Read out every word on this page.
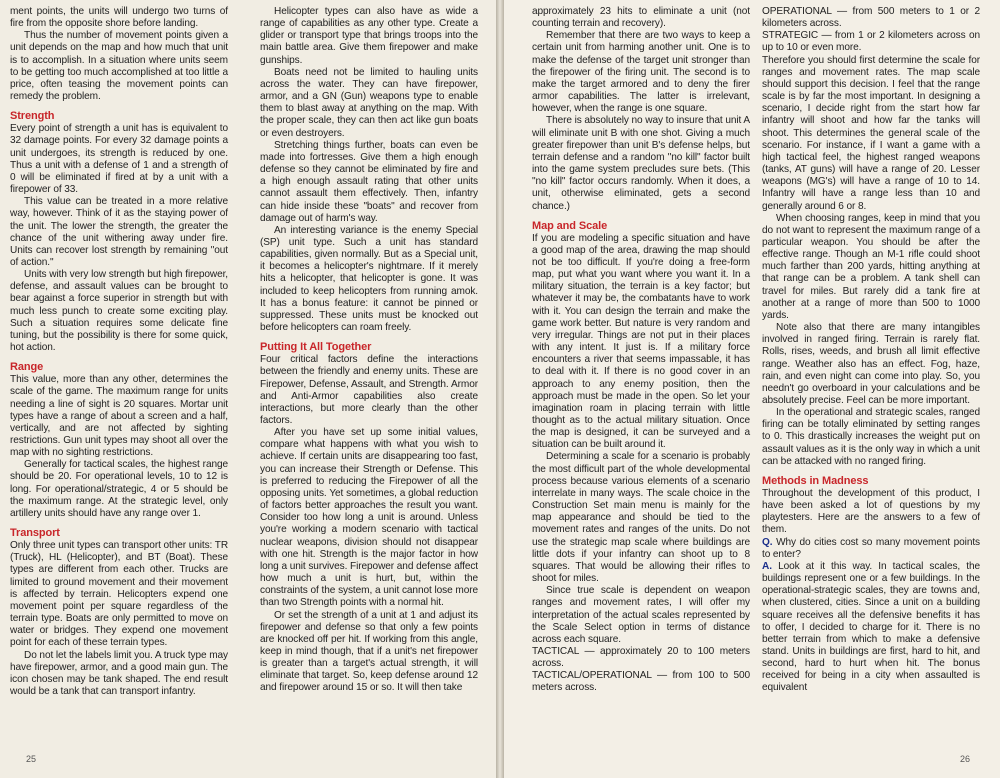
ment points, the units will undergo two turns of fire from the opposite shore before landing.

Thus the number of movement points given a unit depends on the map and how much that unit is to accomplish. In a situation where units seem to be getting too much accomplished at too little a price, often teasing the movement points can remedy the problem.

Strength

Every point of strength a unit has is equivalent to 32 damage points. For every 32 damage points a unit undergoes, its strength is reduced by one. Thus a unit with a defense of 1 and a strength of 0 will be eliminated if fired at by a unit with a firepower of 33.

This value can be treated in a more relative way, however. Think of it as the staying power of the unit. The lower the strength, the greater the chance of the unit withering away under fire. Units can recover lost strength by remaining "out of action."

Units with very low strength but high firepower, defense, and assault values can be brought to bear against a force superior in strength but with much less punch to create some exciting play. Such a situation requires some delicate fine tuning, but the possibility is there for some quick, hot action.

Range

This value, more than any other, determines the scale of the game. The maximum range for units needing a line of sight is 20 squares. Mortar unit types have a range of about a screen and a half, vertically, and are not affected by sighting restrictions. Gun unit types may shoot all over the map with no sighting restrictions.

Generally for tactical scales, the highest range should be 20. For operational levels, 10 to 12 is long. For operational/strategic, 4 or 5 should be the maximum range. At the strategic level, only artillery units should have any range over 1.

Transport

Only three unit types can transport other units: TR (Truck), HL (Helicopter), and BT (Boat). These types are different from each other. Trucks are limited to ground movement and their movement is affected by terrain. Helicopters expend one movement point per square regardless of the terrain type. Boats are only permitted to move on water or bridges. They expend one movement point for each of these terrain types.

Do not let the labels limit you. A truck type may have firepower, armor, and a good main gun. The icon chosen may be tank shaped. The end result would be a tank that can transport infantry.

Helicopter types can also have as wide a range of capabilities as any other type. Create a glider or transport type that brings troops into the main battle area. Give them firepower and make gunships.

Boats need not be limited to hauling units across the water. They can have firepower, armor, and a GN (Gun) weapons type to enable them to blast away at anything on the map. With the proper scale, they can then act like gun boats or even destroyers.

Stretching things further, boats can even be made into fortresses. Give them a high enough defense so they cannot be eliminated by fire and a high enough assault rating that other units cannot assault them effectively. Then, infantry can hide inside these "boats" and recover from damage out of harm's way.

An interesting variance is the enemy Special (SP) unit type. Such a unit has standard capabilities, given normally. But as a Special unit, it becomes a helicopter's nightmare. If it merely hits a helicopter, that helicopter is gone. It was included to keep helicopters from running amok. It has a bonus feature: it cannot be pinned or suppressed. These units must be knocked out before helicopters can roam freely.

Putting It All Together

Four critical factors define the interactions between the friendly and enemy units. These are Firepower, Defense, Assault, and Strength. Armor and Anti-Armor capabilities also create interactions, but more clearly than the other factors.

After you have set up some initial values, compare what happens with what you wish to achieve. If certain units are disappearing too fast, you can increase their Strength or Defense. This is preferred to reducing the Firepower of all the opposing units. Yet sometimes, a global reduction of factors better approaches the result you want. Consider too how long a unit is around. Unless you're working a modern scenario with tactical nuclear weapons, division should not disappear with one hit. Strength is the major factor in how long a unit survives. Firepower and defense affect how much a unit is hurt, but, within the constraints of the system, a unit cannot lose more than two Strength points with a normal hit.

Or set the strength of a unit at 1 and adjust its firepower and defense so that only a few points are knocked off per hit. If working from this angle, keep in mind though, that if a unit's net firepower is greater than a target's actual strength, it will eliminate that target. So, keep defense around 12 and firepower around 15 or so. It will then take

25

approximately 23 hits to eliminate a unit (not counting terrain and recovery).

Remember that there are two ways to keep a certain unit from harming another unit. One is to make the defense of the target unit stronger than the firepower of the firing unit. The second is to make the target armored and to deny the firer armor capabilities. The latter is irrelevant, however, when the range is one square.

There is absolutely no way to insure that unit A will eliminate unit B with one shot. Giving a much greater firepower than unit B's defense helps, but terrain defense and a random "no kill" factor built into the game system precludes sure bets. (This "no kill" factor occurs randomly. When it does, a unit, otherwise eliminated, gets a second chance.)

Map and Scale

If you are modeling a specific situation and have a good map of the area, drawing the map should not be too difficult. If you're doing a free-form map, put what you want where you want it. In a military situation, the terrain is a key factor; but whatever it may be, the combatants have to work with it. You can design the terrain and make the game work better. But nature is very random and very irregular. Things are not put in their places with any intent. It just is. If a military force encounters a river that seems impassable, it has to deal with it. If there is no good cover in an approach to any enemy position, then the approach must be made in the open. So let your imagination roam in placing terrain with little thought as to the actual military situation. Once the map is designed, it can be surveyed and a situation can be built around it.

Determining a scale for a scenario is probably the most difficult part of the whole developmental process because various elements of a scenario interrelate in many ways. The scale choice in the Construction Set main menu is mainly for the map appearance and should be tied to the movement rates and ranges of the units. Do not use the strategic map scale where buildings are little dots if your infantry can shoot up to 8 squares. That would be allowing their rifles to shoot for miles.

Since true scale is dependent on weapon ranges and movement rates, I will offer my interpretation of the actual scales represented by the Scale Select option in terms of distance across each square.

TACTICAL — approximately 20 to 100 meters across.

TACTICAL/OPERATIONAL — from 100 to 500 meters across.

OPERATIONAL — from 500 meters to 1 or 2 kilometers across.

STRATEGIC — from 1 or 2 kilometers across on up to 10 or even more.

Therefore you should first determine the scale for ranges and movement rates. The map scale should support this decision. I feel that the range scale is by far the most important. In designing a scenario, I decide right from the start how far infantry will shoot and how far the tanks will shoot. This determines the general scale of the scenario. For instance, if I want a game with a high tactical feel, the highest ranged weapons (tanks, AT guns) will have a range of 20. Lesser weapons (MG's) will have a range of 10 to 14. Infantry will have a range less than 10 and generally around 6 or 8.

When choosing ranges, keep in mind that you do not want to represent the maximum range of a particular weapon. You should be after the effective range. Though an M-1 rifle could shoot much farther than 200 yards, hitting anything at that range can be a problem. A tank shell can travel for miles. But rarely did a tank fire at another at a range of more than 500 to 1000 yards.

Note also that there are many intangibles involved in ranged firing. Terrain is rarely flat. Rolls, rises, weeds, and brush all limit effective range. Weather also has an effect. Fog, haze, rain, and even night can come into play. So, you needn't go overboard in your calculations and be absolutely precise. Feel can be more important.

In the operational and strategic scales, ranged firing can be totally eliminated by setting ranges to 0. This drastically increases the weight put on assault values as it is the only way in which a unit can be attacked with no ranged firing.

Methods in Madness

Throughout the development of this product, I have been asked a lot of questions by my playtesters. Here are the answers to a few of them.

Q. Why do cities cost so many movement points to enter?

A. Look at it this way. In tactical scales, the buildings represent one or a few buildings. In the operational-strategic scales, they are towns and, when clustered, cities. Since a unit on a building square receives all the defensive benefits it has to offer, I decided to charge for it. There is no better terrain from which to make a defensive stand. Units in buildings are first, hard to hit, and second, hard to hurt when hit. The bonus received for being in a city when assaulted is equivalent

26
